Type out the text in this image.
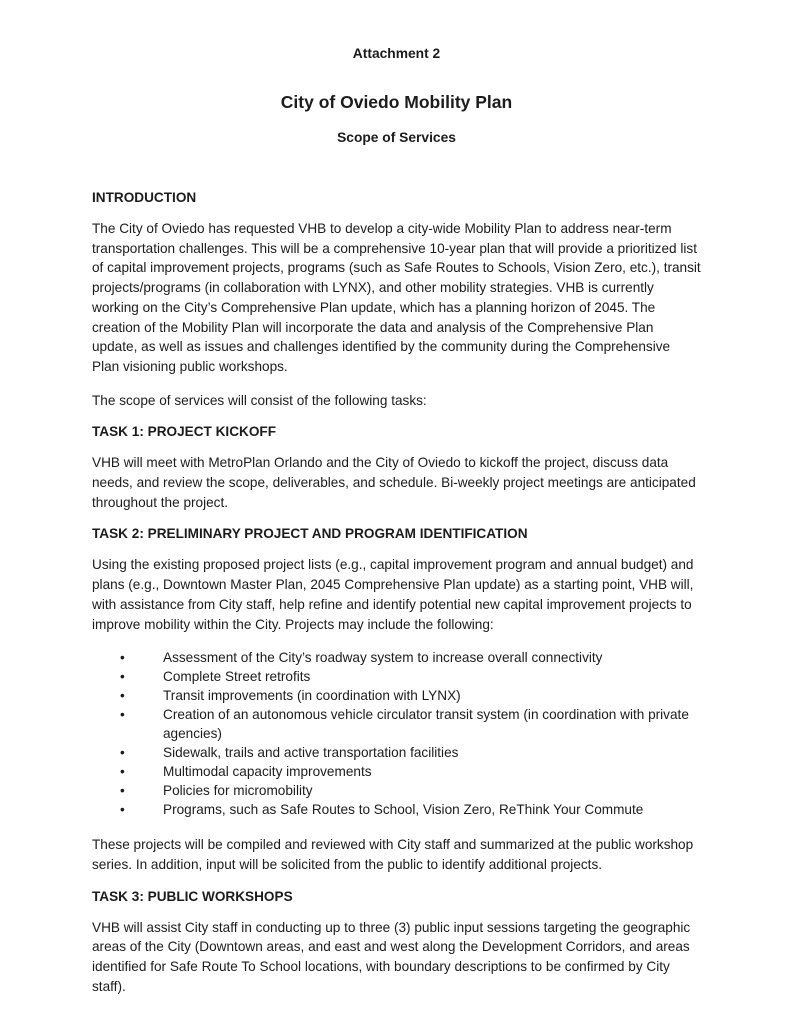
Attachment 2
City of Oviedo Mobility Plan
Scope of Services
INTRODUCTION

The City of Oviedo has requested VHB to develop a city-wide Mobility Plan to address near-term transportation challenges. This will be a comprehensive 10-year plan that will provide a prioritized list of capital improvement projects, programs (such as Safe Routes to Schools, Vision Zero, etc.), transit projects/programs (in collaboration with LYNX), and other mobility strategies. VHB is currently working on the City’s Comprehensive Plan update, which has a planning horizon of 2045. The creation of the Mobility Plan will incorporate the data and analysis of the Comprehensive Plan update, as well as issues and challenges identified by the community during the Comprehensive Plan visioning public workshops.

The scope of services will consist of the following tasks:

TASK 1: PROJECT KICKOFF

VHB will meet with MetroPlan Orlando and the City of Oviedo to kickoff the project, discuss data needs, and review the scope, deliverables, and schedule. Bi-weekly project meetings are anticipated throughout the project.

TASK 2: PRELIMINARY PROJECT AND PROGRAM IDENTIFICATION

Using the existing proposed project lists (e.g., capital improvement program and annual budget) and plans (e.g., Downtown Master Plan, 2045 Comprehensive Plan update) as a starting point, VHB will, with assistance from City staff, help refine and identify potential new capital improvement projects to improve mobility within the City. Projects may include the following:

• Assessment of the City’s roadway system to increase overall connectivity
• Complete Street retrofits
• Transit improvements (in coordination with LYNX)
• Creation of an autonomous vehicle circulator transit system (in coordination with private agencies)
• Sidewalk, trails and active transportation facilities
• Multimodal capacity improvements
• Policies for micromobility
• Programs, such as Safe Routes to School, Vision Zero, ReThink Your Commute

These projects will be compiled and reviewed with City staff and summarized at the public workshop series. In addition, input will be solicited from the public to identify additional projects.

TASK 3: PUBLIC WORKSHOPS

VHB will assist City staff in conducting up to three (3) public input sessions targeting the geographic areas of the City (Downtown areas, and east and west along the Development Corridors, and areas identified for Safe Route To School locations, with boundary descriptions to be confirmed by City staff).
